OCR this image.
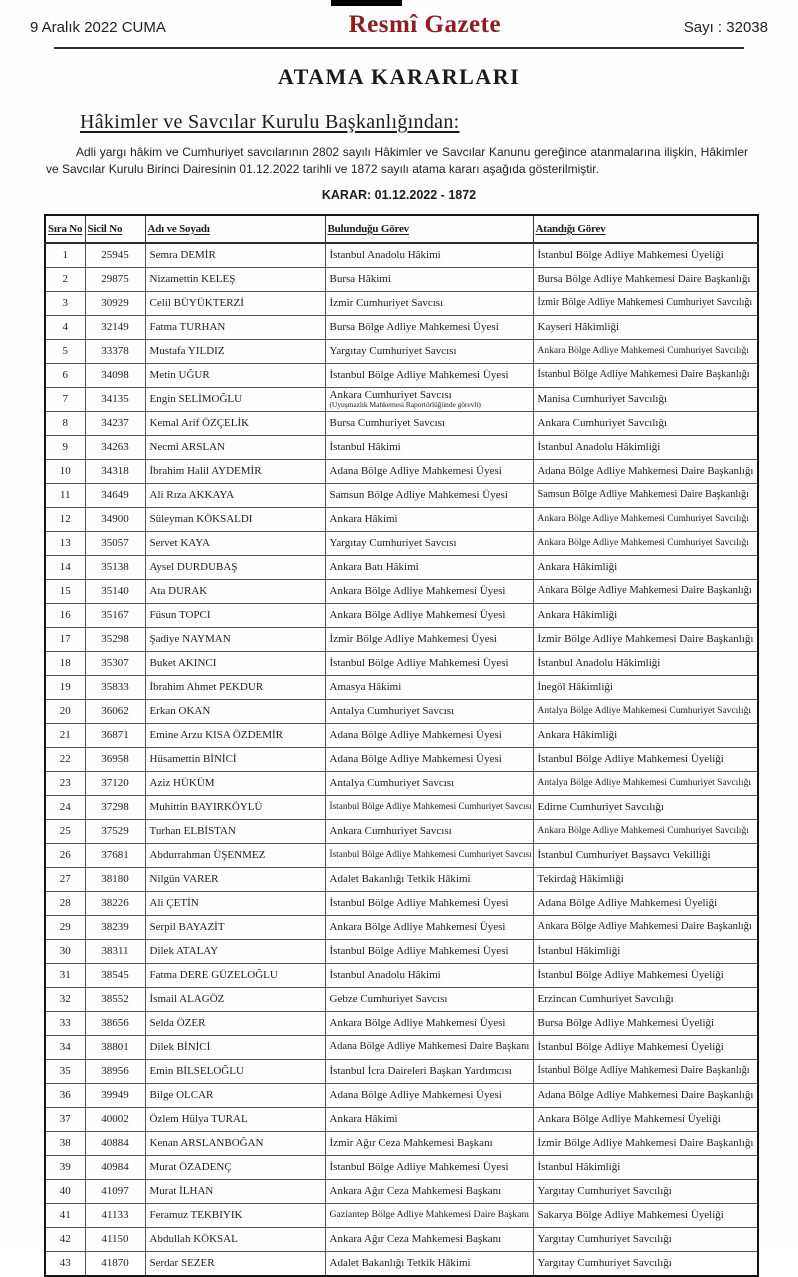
9 Aralık 2022 CUMA	Resmî Gazete	Sayı : 32038
ATAMA KARARLARI
Hâkimler ve Savcılar Kurulu Başkanlığından:

Adli yargı hâkim ve Cumhuriyet savcılarının 2802 sayılı Hâkimler ve Savcılar Kanunu gereğince atanmalarına ilişkin, Hâkimler ve Savcılar Kurulu Birinci Dairesinin 01.12.2022 tarihli ve 1872 sayılı atama kararı aşağıda gösterilmiştir.

KARAR: 01.12.2022 - 1872
Sıra No	Sicil No	Adı ve Soyadı	Bulunduğu Görev	Atandığı Görev
1	25945	Semra DEMİR	İstanbul Anadolu Hâkimi	İstanbul Bölge Adliye Mahkemesi Üyeliği
2	29875	Nizamettin KELEŞ	Bursa Hâkimi	Bursa Bölge Adliye Mahkemesi Daire Başkanlığı
3	30929	Celil BÜYÜKTERZİ	İzmir Cumhuriyet Savcısı	İzmir Bölge Adliye Mahkemesi Cumhuriyet Savcılığı
4	32149	Fatma TURHAN	Bursa Bölge Adliye Mahkemesi Üyesi	Kayseri Hâkimliği
5	33378	Mustafa YILDIZ	Yargıtay Cumhuriyet Savcısı	Ankara Bölge Adliye Mahkemesi Cumhuriyet Savcılığı
6	34098	Metin UĞUR	İstanbul Bölge Adliye Mahkemesi Üyesi	İstanbul Bölge Adliye Mahkemesi Daire Başkanlığı
7	34135	Engin SELİMOĞLU	Ankara Cumhuriyet Savcısı
(Uyuşmazlık Mahkemesi Raportörlüğünde görevli)	Manisa Cumhuriyet Savcılığı
8	34237	Kemal Arif ÖZÇELİK	Bursa Cumhuriyet Savcısı	Ankara Cumhuriyet Savcılığı
9	34263	Necmi ARSLAN	İstanbul Hâkimi	İstanbul Anadolu Hâkimliği
10	34318	İbrahim Halil AYDEMİR	Adana Bölge Adliye Mahkemesi Üyesi	Adana Bölge Adliye Mahkemesi Daire Başkanlığı
11	34649	Ali Rıza AKKAYA	Samsun Bölge Adliye Mahkemesi Üyesi	Samsun Bölge Adliye Mahkemesi Daire Başkanlığı
12	34900	Süleyman KÖKSALDI	Ankara Hâkimi	Ankara Bölge Adliye Mahkemesi Cumhuriyet Savcılığı
13	35057	Servet KAYA	Yargıtay Cumhuriyet Savcısı	Ankara Bölge Adliye Mahkemesi Cumhuriyet Savcılığı
14	35138	Aysel DURDUBAŞ	Ankara Batı Hâkimi	Ankara Hâkimliği
15	35140	Ata DURAK	Ankara Bölge Adliye Mahkemesi Üyesi	Ankara Bölge Adliye Mahkemesi Daire Başkanlığı
16	35167	Füsun TOPCI	Ankara Bölge Adliye Mahkemesi Üyesi	Ankara Hâkimliği
17	35298	Şadiye NAYMAN	İzmir Bölge Adliye Mahkemesi Üyesi	İzmir Bölge Adliye Mahkemesi Daire Başkanlığı
18	35307	Buket AKINCI	İstanbul Bölge Adliye Mahkemesi Üyesi	İstanbul Anadolu Hâkimliği
19	35833	İbrahim Ahmet PEKDUR	Amasya Hâkimi	İnegöl Hâkimliği
20	36062	Erkan OKAN	Antalya Cumhuriyet Savcısı	Antalya Bölge Adliye Mahkemesi Cumhuriyet Savcılığı
21	36871	Emine Arzu KISA ÖZDEMİR	Adana Bölge Adliye Mahkemesi Üyesi	Ankara Hâkimliği
22	36958	Hüsamettin BİNİCİ	Adana Bölge Adliye Mahkemesi Üyesi	İstanbul Bölge Adliye Mahkemesi Üyeliği
23	37120	Aziz HÜKÜM	Antalya Cumhuriyet Savcısı	Antalya Bölge Adliye Mahkemesi Cumhuriyet Savcılığı
24	37298	Muhittin BAYIRKÖYLÜ	İstanbul Bölge Adliye Mahkemesi Cumhuriyet Savcısı	Edirne Cumhuriyet Savcılığı
25	37529	Turhan ELBİSTAN	Ankara Cumhuriyet Savcısı	Ankara Bölge Adliye Mahkemesi Cumhuriyet Savcılığı
26	37681	Abdurrahman ÜŞENMEZ	İstanbul Bölge Adliye Mahkemesi Cumhuriyet Savcısı	İstanbul Cumhuriyet Başsavcı Vekilliği
27	38180	Nilgün VARER	Adalet Bakanlığı Tetkik Hâkimi	Tekirdağ Hâkimliği
28	38226	Ali ÇETİN	İstanbul Bölge Adliye Mahkemesi Üyesi	Adana Bölge Adliye Mahkemesi Üyeliği
29	38239	Serpil BAYAZİT	Ankara Bölge Adliye Mahkemesi Üyesi	Ankara Bölge Adliye Mahkemesi Daire Başkanlığı
30	38311	Dilek ATALAY	İstanbul Bölge Adliye Mahkemesi Üyesi	İstanbul Hâkimliği
31	38545	Fatma DERE GÜZELOĞLU	İstanbul Anadolu Hâkimi	İstanbul Bölge Adliye Mahkemesi Üyeliği
32	38552	İsmail ALAGÖZ	Gebze Cumhuriyet Savcısı	Erzincan Cumhuriyet Savcılığı
33	38656	Selda ÖZER	Ankara Bölge Adliye Mahkemesi Üyesi	Bursa Bölge Adliye Mahkemesi Üyeliği
34	38801	Dilek BİNİCİ	Adana Bölge Adliye Mahkemesi Daire Başkanı	İstanbul Bölge Adliye Mahkemesi Üyeliği
35	38956	Emin BİLSELOĞLU	İstanbul İcra Daireleri Başkan Yardımcısı	İstanbul Bölge Adliye Mahkemesi Daire Başkanlığı
36	39949	Bilge OLCAR	Adana Bölge Adliye Mahkemesi Üyesi	Adana Bölge Adliye Mahkemesi Daire Başkanlığı
37	40002	Özlem Hülya TURAL	Ankara Hâkimi	Ankara Bölge Adliye Mahkemesi Üyeliği
38	40884	Kenan ARSLANBOĞAN	İzmir Ağır Ceza Mahkemesi Başkanı	İzmir Bölge Adliye Mahkemesi Daire Başkanlığı
39	40984	Murat ÖZADENÇ	İstanbul Bölge Adliye Mahkemesi Üyesi	İstanbul Hâkimliği
40	41097	Murat İLHAN	Ankara Ağır Ceza Mahkemesi Başkanı	Yargıtay Cumhuriyet Savcılığı
41	41133	Feramuz TEKBIYIK	Gaziantep Bölge Adliye Mahkemesi Daire Başkanı	Sakarya Bölge Adliye Mahkemesi Üyeliği
42	41150	Abdullah KÖKSAL	Ankara Ağır Ceza Mahkemesi Başkanı	Yargıtay Cumhuriyet Savcılığı
43	41870	Serdar SEZER	Adalet Bakanlığı Tetkik Hâkimi	Yargıtay Cumhuriyet Savcılığı
